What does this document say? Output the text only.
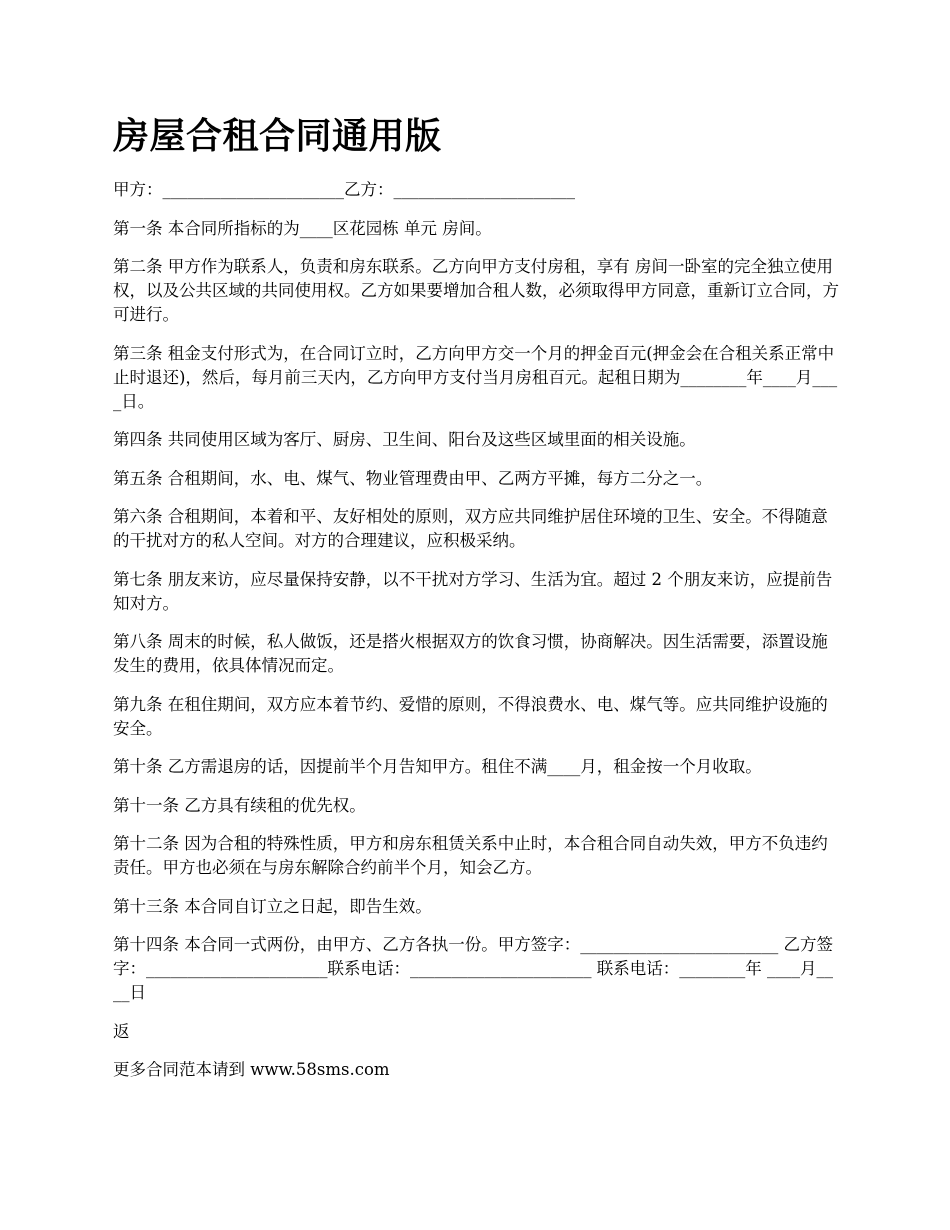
房屋合租合同通用版

甲方：______________________乙方：______________________

第一条 本合同所指标的为____区花园栋 单元 房间。

第二条 甲方作为联系人，负责和房东联系。乙方向甲方支付房租，享有 房间一卧室的完全独立使用权，以及公共区域的共同使用权。乙方如果要增加合租人数，必须取得甲方同意，重新订立合同，方可进行。

第三条 租金支付形式为，在合同订立时，乙方向甲方交一个月的押金百元(押金会在合租关系正常中止时退还)，然后，每月前三天内，乙方向甲方支付当月房租百元。起租日期为________年____月____日。

第四条 共同使用区域为客厅、厨房、卫生间、阳台及这些区域里面的相关设施。

第五条 合租期间，水、电、煤气、物业管理费由甲、乙两方平摊，每方二分之一。

第六条 合租期间，本着和平、友好相处的原则，双方应共同维护居住环境的卫生、安全。不得随意的干扰对方的私人空间。对方的合理建议，应积极采纳。

第七条 朋友来访，应尽量保持安静，以不干扰对方学习、生活为宜。超过 2 个朋友来访，应提前告知对方。

第八条 周末的时候，私人做饭，还是搭火根据双方的饮食习惯，协商解决。因生活需要，添置设施发生的费用，依具体情况而定。

第九条 在租住期间，双方应本着节约、爱惜的原则，不得浪费水、电、煤气等。应共同维护设施的安全。

第十条 乙方需退房的话，因提前半个月告知甲方。租住不满____月，租金按一个月收取。

第十一条 乙方具有续租的优先权。

第十二条 因为合租的特殊性质，甲方和房东租赁关系中止时，本合租合同自动失效，甲方不负违约责任。甲方也必须在与房东解除合约前半个月，知会乙方。

第十三条 本合同自订立之日起，即告生效。

第十四条 本合同一式两份，由甲方、乙方各执一份。甲方签字：________________________ 乙方签字：______________________联系电话：______________________ 联系电话：________年 ____月____日

返

更多合同范本请到 www.58sms.com
